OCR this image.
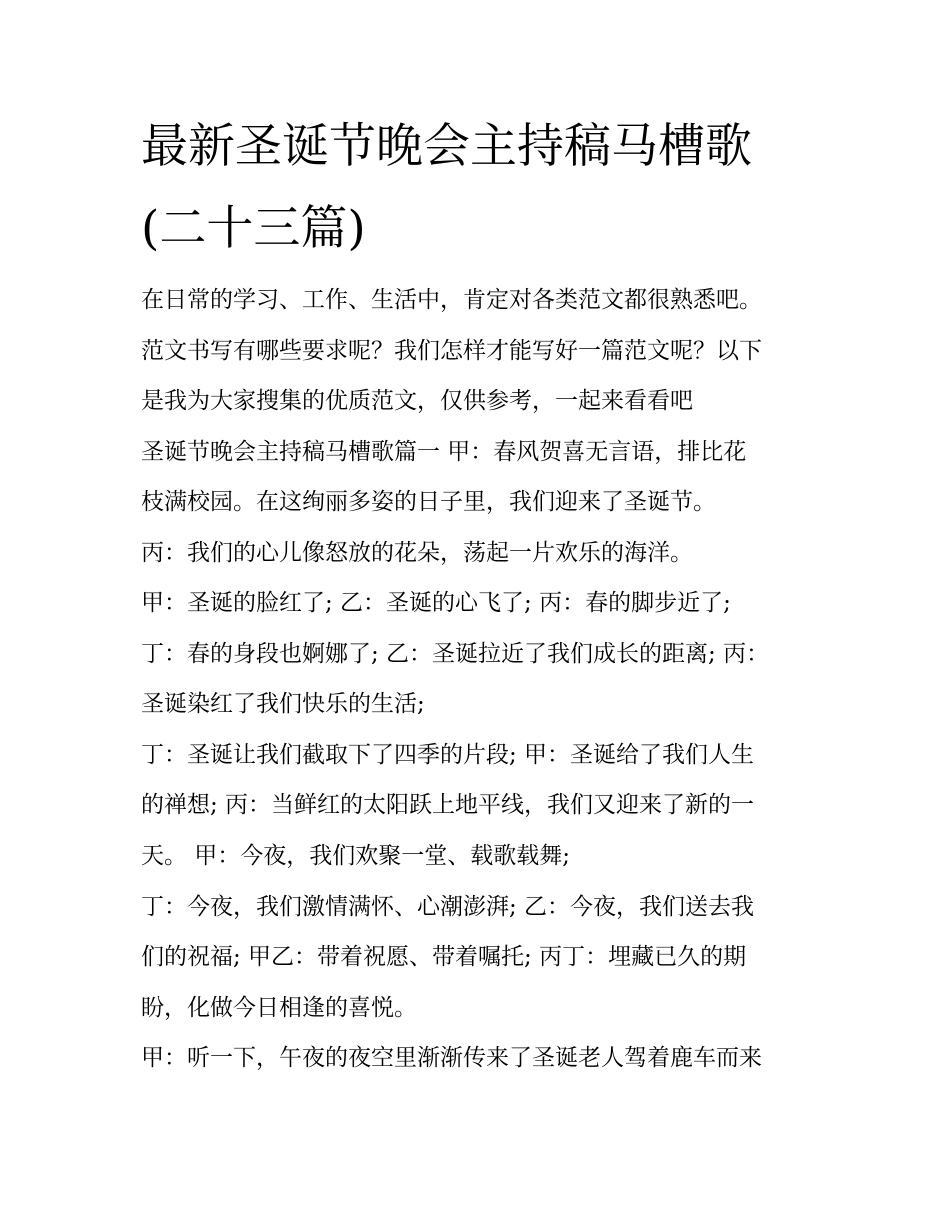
最新圣诞节晚会主持稿马槽歌
(二十三篇)

在日常的学习、工作、生活中，肯定对各类范文都很熟悉吧。

范文书写有哪些要求呢？我们怎样才能写好一篇范文呢？以下

是我为大家搜集的优质范文，仅供参考，一起来看看吧

圣诞节晚会主持稿马槽歌篇一 甲：春风贺喜无言语，排比花

枝满校园。在这绚丽多姿的日子里，我们迎来了圣诞节。

丙：我们的心儿像怒放的花朵，荡起一片欢乐的海洋。

甲：圣诞的脸红了; 乙：圣诞的心飞了; 丙：春的脚步近了;

丁：春的身段也婀娜了; 乙：圣诞拉近了我们成长的距离; 丙：

圣诞染红了我们快乐的生活;

丁：圣诞让我们截取下了四季的片段; 甲：圣诞给了我们人生

的禅想; 丙：当鲜红的太阳跃上地平线，我们又迎来了新的一

天。 甲：今夜，我们欢聚一堂、载歌载舞;

丁：今夜，我们激情满怀、心潮澎湃; 乙：今夜，我们送去我

们的祝福; 甲乙：带着祝愿、带着嘱托; 丙丁：埋藏已久的期

盼，化做今日相逢的喜悦。

甲：听一下，午夜的夜空里渐渐传来了圣诞老人驾着鹿车而来
